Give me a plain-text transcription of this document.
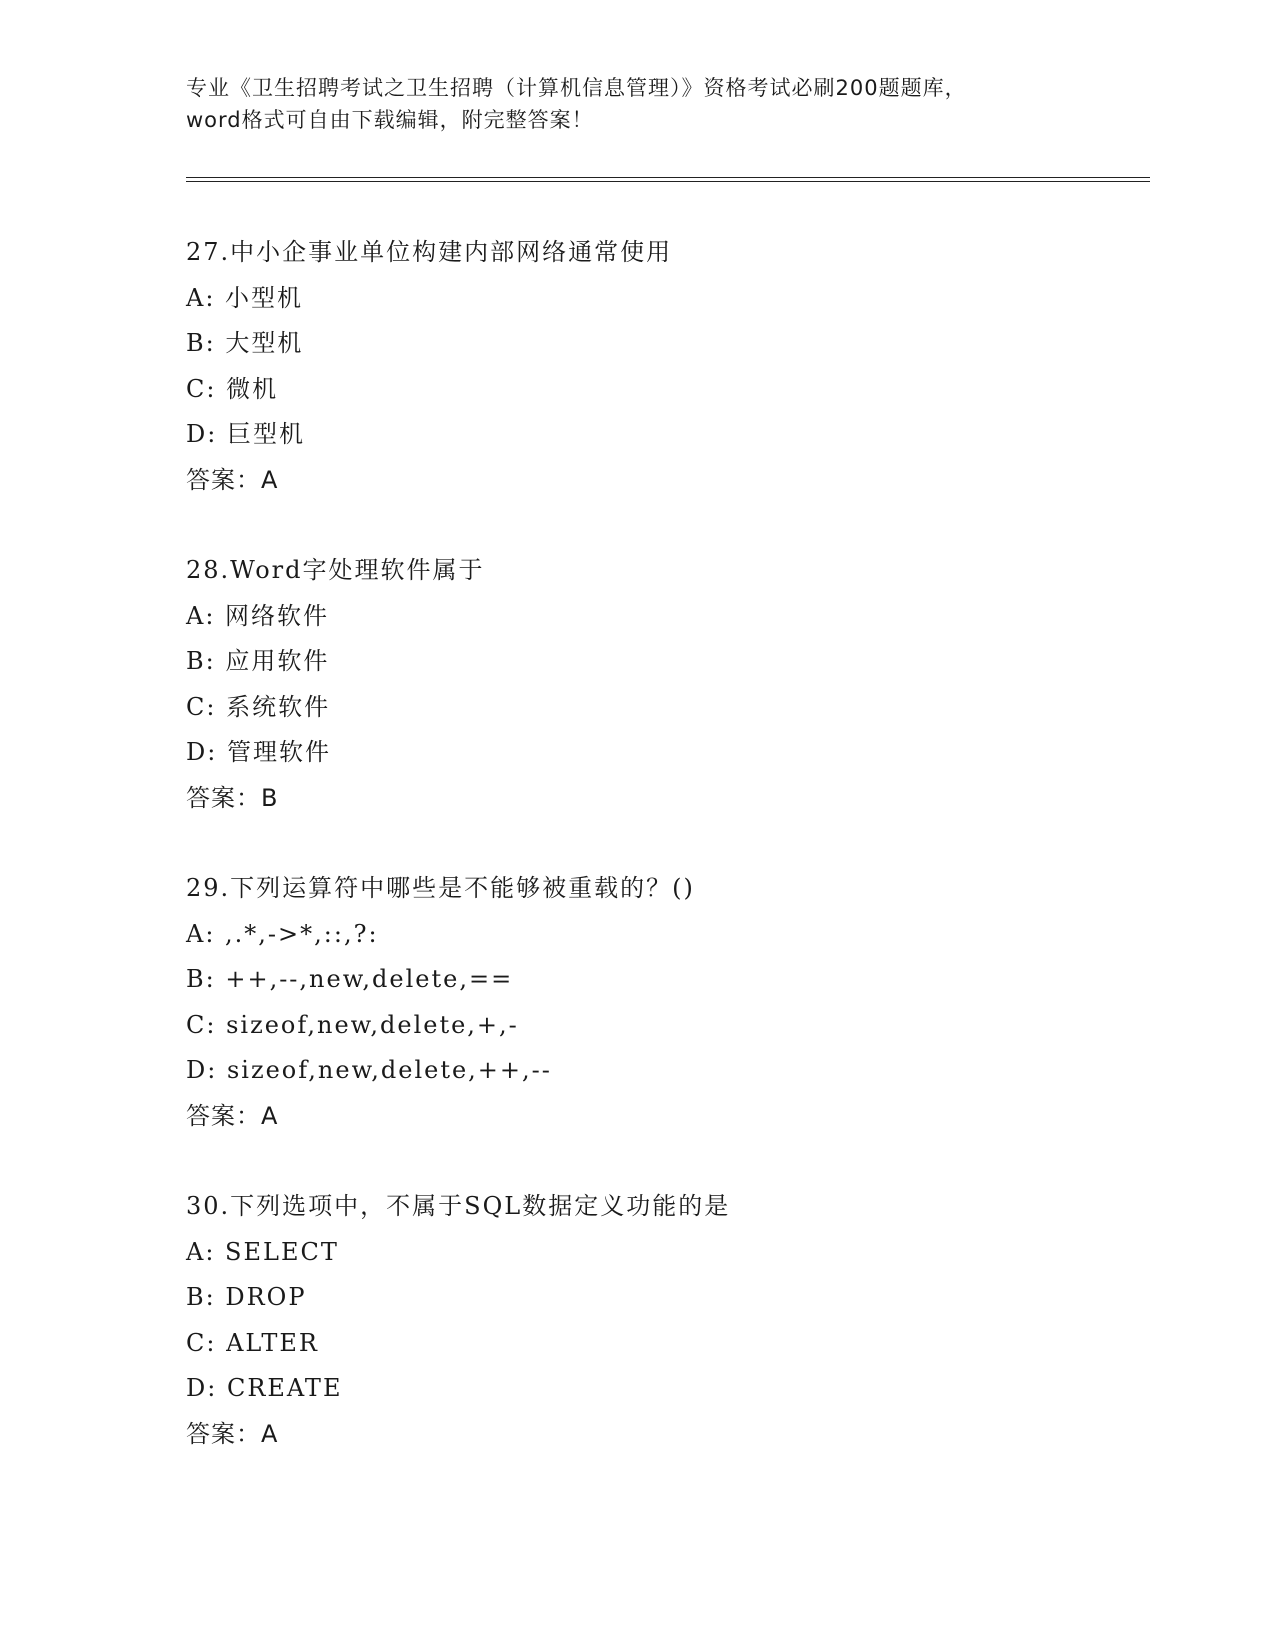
专业《卫生招聘考试之卫生招聘（计算机信息管理）》资格考试必刷200题题库，
word格式可自由下载编辑，附完整答案！
27.中小企事业单位构建内部网络通常使用
A: 小型机
B: 大型机
C: 微机
D: 巨型机
答案：A
28.Word字处理软件属于
A: 网络软件
B: 应用软件
C: 系统软件
D: 管理软件
答案：B
29.下列运算符中哪些是不能够被重载的？()
A: ,.*,->*,::,?:
B: ++,--,new,delete,==
C: sizeof,new,delete,+,-
D: sizeof,new,delete,++,--
答案：A
30.下列选项中，不属于SQL数据定义功能的是
A: SELECT
B: DROP
C: ALTER
D: CREATE
答案：A
